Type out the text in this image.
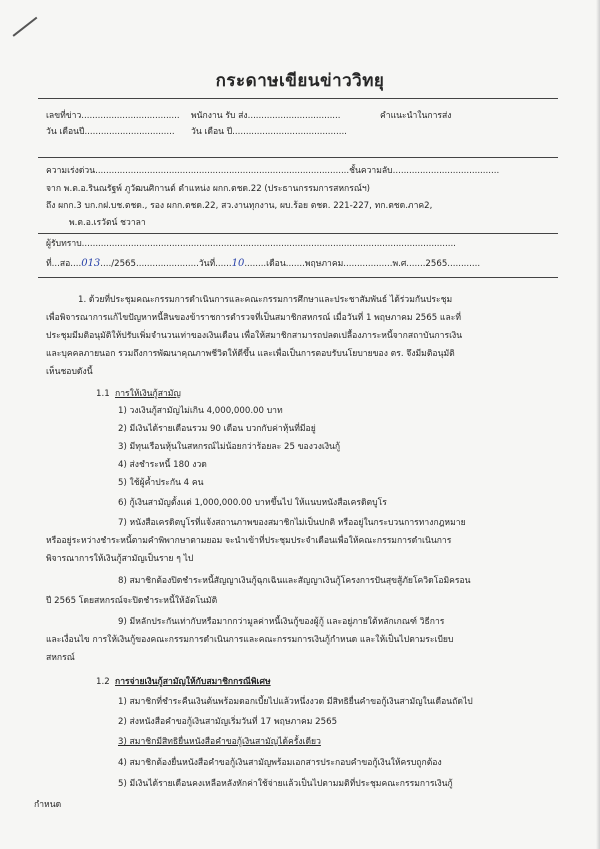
กระดาษเขียนข่าววิทยุ
เลขที่ข่าว.................................... พนักงาน รับ ส่ง..................................	คำแนะนำในการส่ง
วัน เดือนปี................................. วัน เดือน ปี..........................................
ความเร่งด่วน.............................................................................................ชั้นความลับ.......................................
จาก พ.ต.อ.รินณรัฐพ์ ภูวัฒนศิกานต์ ตำแหน่ง ผกก.ตชด.22 (ประธานกรรมการสหกรณ์ฯ)
ถึง ผกก.3 บก.กฝ.บช.ตชด., รอง ผกก.ตชด.22, สว.งานทุกงาน, ผบ.ร้อย ตชด. 221-227, ทก.ตชด.ภาค2,
พ.ต.อ.เรวัตน์ ชวาลา
ผู้รับทราบ.........................................................................................................................................
ที่...สอ....013..../2565.......................วันที่......10........เดือน.......พฤษภาคม..................พ.ศ.......2565............
1. ด้วยที่ประชุมคณะกรรมการดำเนินการและคณะกรรมการศึกษาและประชาสัมพันธ์ ได้ร่วมกันประชุม
เพื่อพิจารณาการแก้ไขปัญหาหนี้สินของข้าราชการตำรวจที่เป็นสมาชิกสหกรณ์ เมื่อวันที่ 1 พฤษภาคม 2565 และที่
ประชุมมีมติอนุมัติให้ปรับเพิ่มจำนวนเท่าของเงินเดือน เพื่อให้สมาชิกสามารถปลดเปลื้องภาระหนี้จากสถาบันการเงิน
และบุคคลภายนอก รวมถึงการพัฒนาคุณภาพชีวิตให้ดีขึ้น และเพื่อเป็นการตอบรับนโยบายของ ตร. จึงมีมติอนุมัติ
เห็นชอบดังนี้
1.1 การให้เงินกู้สามัญ
1) วงเงินกู้สามัญไม่เกิน 4,000,000.00 บาท
2) มีเงินได้รายเดือนรวม 90 เดือน บวกกับค่าหุ้นที่มีอยู่
3) มีทุนเรือนหุ้นในสหกรณ์ไม่น้อยกว่าร้อยละ 25 ของวงเงินกู้
4) ส่งชำระหนี้ 180 งวด
5) ใช้ผู้ค้ำประกัน 4 คน
6) กู้เงินสามัญตั้งแต่ 1,000,000.00 บาทขึ้นไป ให้แนบหนังสือเครดิตบูโร
7) หนังสือเครดิตบูโรที่แจ้งสถานภาพของสมาชิกไม่เป็นปกติ หรืออยู่ในกระบวนการทางกฎหมาย
หรืออยู่ระหว่างชำระหนี้ตามคำพิพากษาตามยอม จะนำเข้าที่ประชุมประจำเดือนเพื่อให้คณะกรรมการดำเนินการ
พิจารณาการให้เงินกู้สามัญเป็นราย ๆ ไป
8) สมาชิกต้องปิดชำระหนี้สัญญาเงินกู้ฉุกเฉินและสัญญาเงินกู้โครงการปันสุขสู้ภัยโควิดโอมิครอน
ปี 2565 โดยสหกรณ์จะปิดชำระหนี้ให้อัตโนมัติ
9) มีหลักประกันเท่ากับหรือมากกว่ามูลค่าหนี้เงินกู้ของผู้กู้ และอยู่ภายใต้หลักเกณฑ์ วิธีการ
และเงื่อนไข การให้เงินกู้ของคณะกรรมการดำเนินการและคณะกรรมการเงินกู้กำหนด และให้เป็นไปตามระเบียบ
สหกรณ์
1.2 การจ่ายเงินกู้สามัญให้กับสมาชิกกรณีพิเศษ
1) สมาชิกที่ชำระคืนเงินต้นพร้อมดอกเบี้ยไปแล้วหนึ่งงวด มีสิทธิยื่นคำขอกู้เงินสามัญในเดือนถัดไป
2) ส่งหนังสือคำขอกู้เงินสามัญเริ่มวันที่ 17 พฤษภาคม 2565
3) สมาชิกมีสิทธิยื่นหนังสือคำขอกู้เงินสามัญได้ครั้งเดียว
4) สมาชิกต้องยื่นหนังสือคำขอกู้เงินสามัญพร้อมเอกสารประกอบคำขอกู้เงินให้ครบถูกต้อง
5) มีเงินได้รายเดือนคงเหลือหลังหักค่าใช้จ่ายแล้วเป็นไปตามมติที่ประชุมคณะกรรมการเงินกู้
กำหนด
